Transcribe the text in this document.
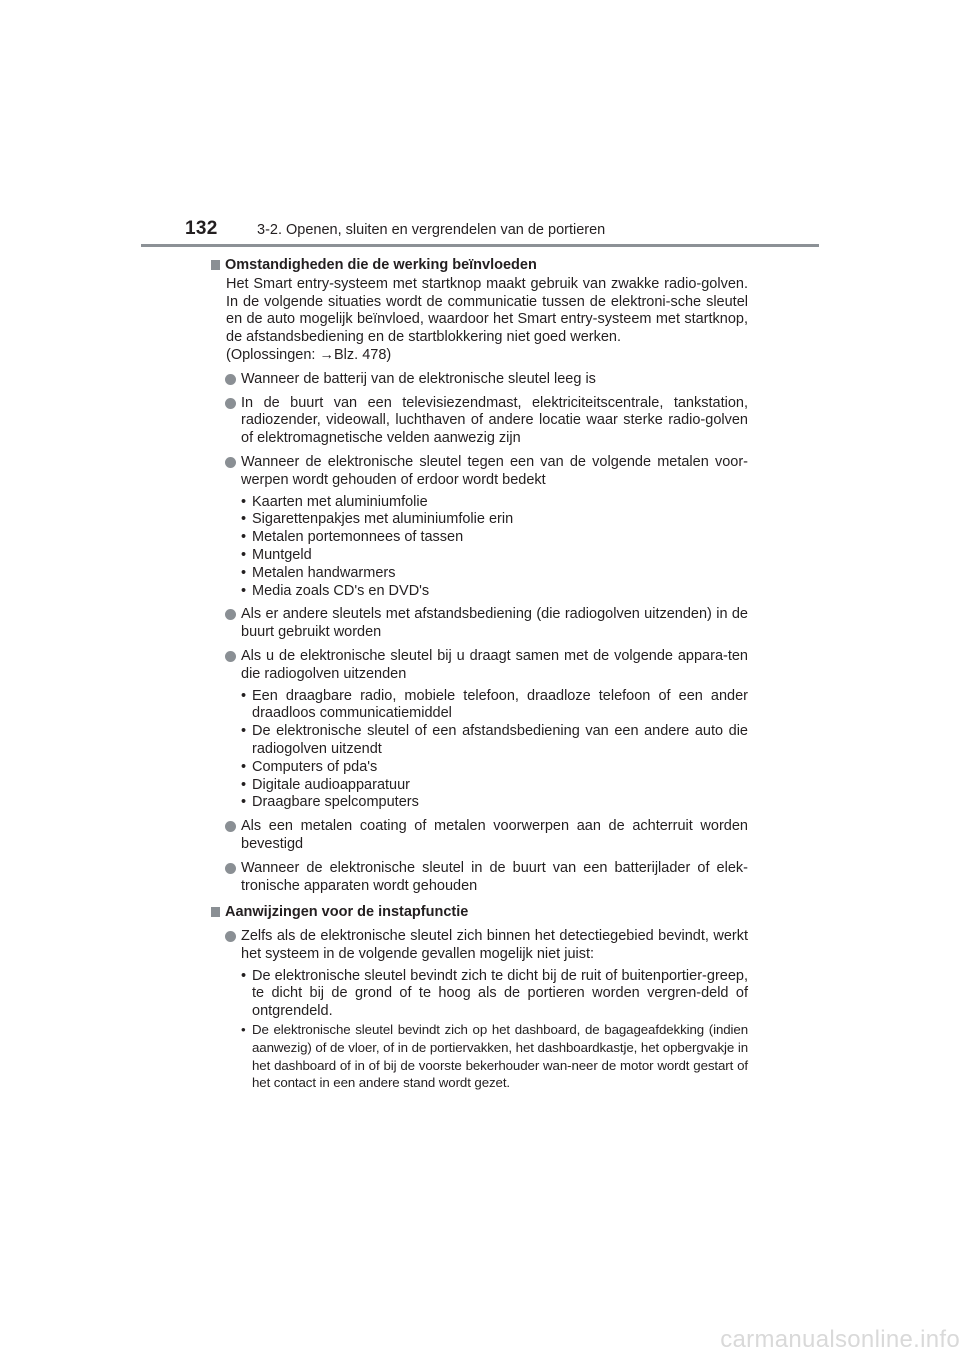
132	3-2. Openen, sluiten en vergrendelen van de portieren
Omstandigheden die de werking beïnvloeden
Het Smart entry-systeem met startknop maakt gebruik van zwakke radio-golven. In de volgende situaties wordt de communicatie tussen de elektroni-sche sleutel en de auto mogelijk beïnvloed, waardoor het Smart entry-systeem met startknop, de afstandsbediening en de startblokkering niet goed werken.
(Oplossingen: →Blz. 478)
Wanneer de batterij van de elektronische sleutel leeg is
In de buurt van een televisiezendmast, elektriciteitscentrale, tankstation, radiozender, videowall, luchthaven of andere locatie waar sterke radio-golven of elektromagnetische velden aanwezig zijn
Wanneer de elektronische sleutel tegen een van de volgende metalen voor-werpen wordt gehouden of erdoor wordt bedekt
• Kaarten met aluminiumfolie
• Sigarettenpakjes met aluminiumfolie erin
• Metalen portemonnees of tassen
• Muntgeld
• Metalen handwarmers
• Media zoals CD's en DVD's
Als er andere sleutels met afstandsbediening (die radiogolven uitzenden) in de buurt gebruikt worden
Als u de elektronische sleutel bij u draagt samen met de volgende appara-ten die radiogolven uitzenden
• Een draagbare radio, mobiele telefoon, draadloze telefoon of een ander draadloos communicatiemiddel
• De elektronische sleutel of een afstandsbediening van een andere auto die radiogolven uitzendt
• Computers of pda's
• Digitale audioapparatuur
• Draagbare spelcomputers
Als een metalen coating of metalen voorwerpen aan de achterruit worden bevestigd
Wanneer de elektronische sleutel in de buurt van een batterijlader of elek-tronische apparaten wordt gehouden
Aanwijzingen voor de instapfunctie
Zelfs als de elektronische sleutel zich binnen het detectiegebied bevindt, werkt het systeem in de volgende gevallen mogelijk niet juist:
• De elektronische sleutel bevindt zich te dicht bij de ruit of buitenportier-greep, te dicht bij de grond of te hoog als de portieren worden vergren-deld of ontgrendeld.
• De elektronische sleutel bevindt zich op het dashboard, de bagageafdekking (indien aanwezig) of de vloer, of in de portiervakken, het dashboardkastje, het opbergvakje in het dashboard of in of bij de voorste bekerhouder wan-neer de motor wordt gestart of het contact in een andere stand wordt gezet.
carmanualsonline.info
